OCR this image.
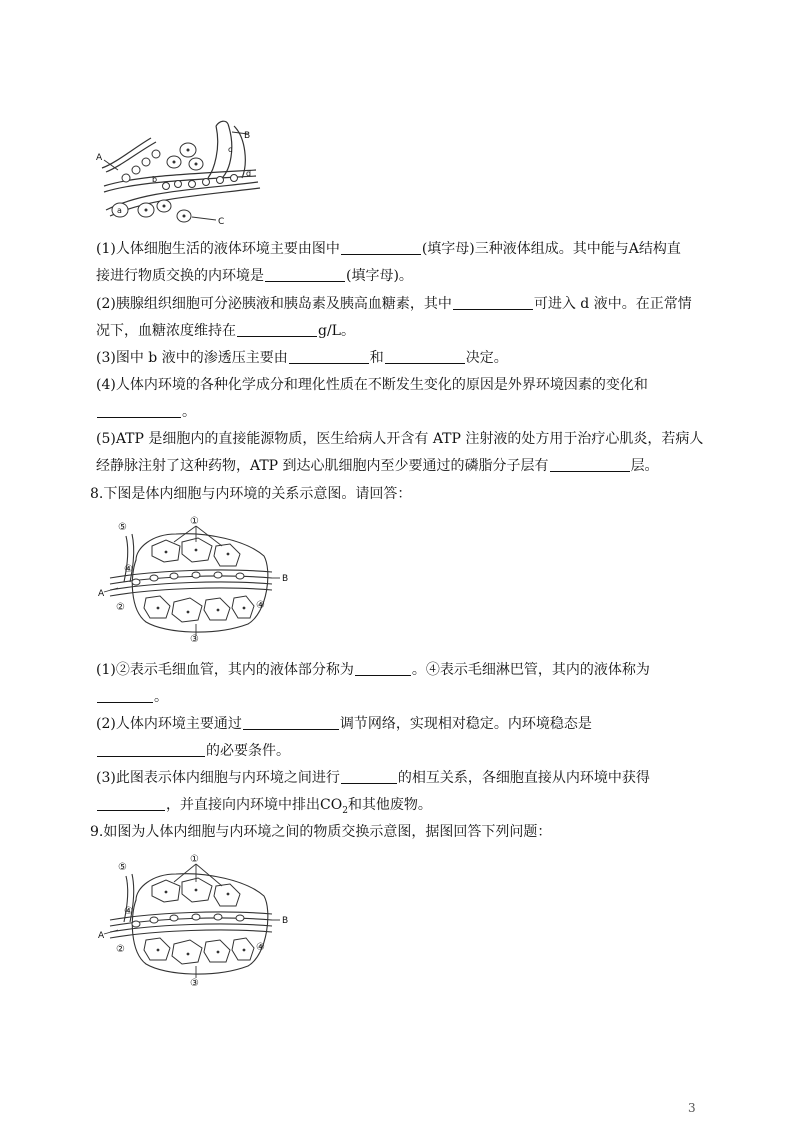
B
A
C
a
b
c
d
(1)人体细胞生活的液体环境主要由图中	(填字母)三种液体组成。其中能与A结构直
接进行物质交换的内环境是	(填字母)。
(2)胰腺组织细胞可分泌胰液和胰岛素及胰高血糖素，其中	可进入 d 液中。在正常情
况下，血糖浓度维持在	g/L。
(3)图中 b 液中的渗透压主要由	和	决定。
(4)人体内环境的各种化学成分和理化性质在不断发生变化的原因是外界环境因素的变化和
。
(5)ATP 是细胞内的直接能源物质，医生给病人开含有 ATP 注射液的处方用于治疗心肌炎，若病人
经静脉注射了这种药物，ATP 到达心肌细胞内至少要通过的磷脂分子层有	层。
8.下图是体内细胞与内环境的关系示意图。请回答：
①
⑤
④
B
A
②	④
③
(1)②表示毛细血管，其内的液体部分称为	。④表示毛细淋巴管，其内的液体称为
。
(2)人体内环境主要通过	调节网络，实现相对稳定。内环境稳态是
的必要条件。
(3)此图表示体内细胞与内环境之间进行	的相互关系，各细胞直接从内环境中获得
，并直接向内环境中排出$CO_2$和其他废物。
9.如图为人体内细胞与内环境之间的物质交换示意图，据图回答下列问题：
①
⑤
④
B
A
②	④
③
3
